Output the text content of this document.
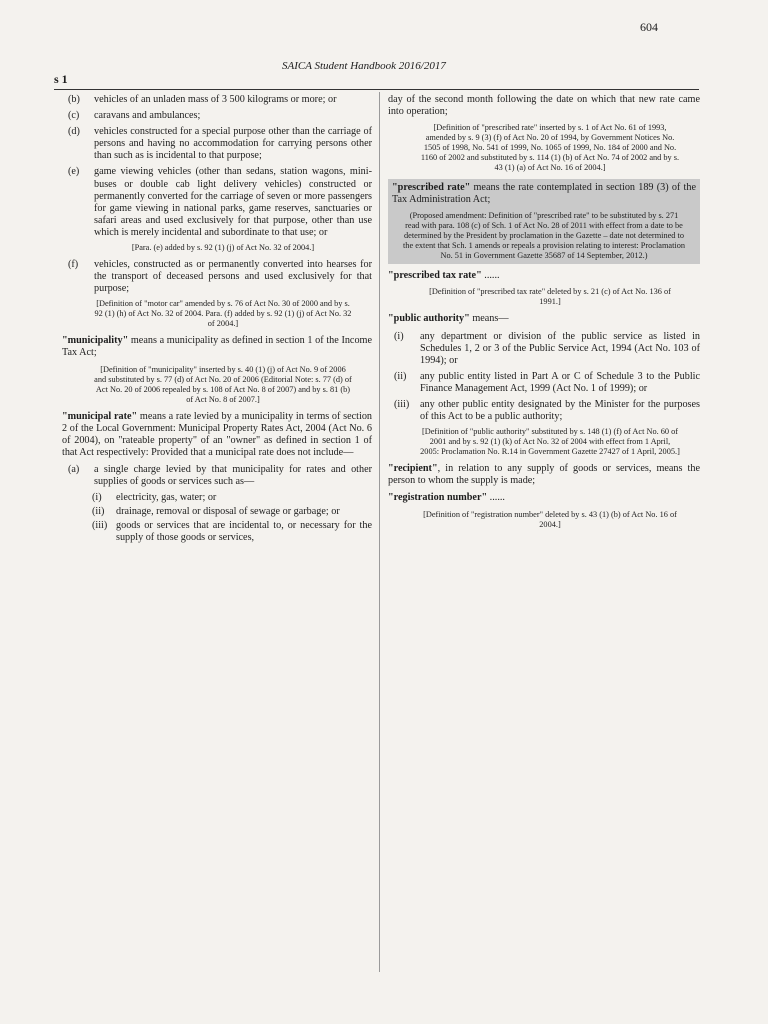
604
SAICA Student Handbook 2016/2017
s 1
(b) vehicles of an unladen mass of 3 500 kilograms or more; or
(c) caravans and ambulances;
(d) vehicles constructed for a special purpose other than the carriage of persons and having no accommodation for carrying persons other than such as is incidental to that purpose;
(e) game viewing vehicles (other than sedans, station wagons, mini-buses or double cab light delivery vehicles) constructed or permanently converted for the carriage of seven or more passengers for game viewing in national parks, game reserves, sanctuaries or safari areas and used exclusively for that purpose, other than use which is merely incidental and subordinate to that use; or
[Para. (e) added by s. 92 (1) (j) of Act No. 32 of 2004.]
(f) vehicles, constructed as or permanently converted into hearses for the transport of deceased persons and used exclusively for that purpose;
[Definition of "motor car" amended by s. 76 of Act No. 30 of 2000 and by s. 92 (1) (h) of Act No. 32 of 2004. Para. (f) added by s. 92 (1) (j) of Act No. 32 of 2004.]

"municipality" means a municipality as defined in section 1 of the Income Tax Act;

[Definition of "municipality" inserted by s. 40 (1) (j) of Act No. 9 of 2006 and substituted by s. 77 (d) of Act No. 20 of 2006 (Editorial Note: s. 77 (d) of Act No. 20 of 2006 repealed by s. 108 of Act No. 8 of 2007) and by s. 81 (b) of Act No. 8 of 2007.]

"municipal rate" means a rate levied by a municipality in terms of section 2 of the Local Government: Municipal Property Rates Act, 2004 (Act No. 6 of 2004), on "rateable property" of an "owner" as defined in section 1 of that Act respectively: Provided that a municipal rate does not include—

(a) a single charge levied by that municipality for rates and other supplies of goods or services such as—
(i) electricity, gas, water; or
(ii) drainage, removal or disposal of sewage or garbage; or
(iii) goods or services that are incidental to, or necessary for the supply of those goods or services,

day of the second month following the date on which that new rate came into operation;

[Definition of "prescribed rate" inserted by s. 1 of Act No. 61 of 1993, amended by s. 9 (3) (f) of Act No. 20 of 1994, by Government Notices No. 1505 of 1998, No. 541 of 1999, No. 1065 of 1999, No. 184 of 2000 and No. 1160 of 2002 and substituted by s. 114 (1) (b) of Act No. 74 of 2002 and by s. 43 (1) (a) of Act No. 16 of 2004.]

"prescribed rate" means the rate contemplated in section 189 (3) of the Tax Administration Act;

(Proposed amendment: Definition of "prescribed rate" to be substituted by s. 271 read with para. 108 (c) of Sch. 1 of Act No. 28 of 2011 with effect from a date to be determined by the President by proclamation in the Gazette – date not determined to the extent that Sch. 1 amends or repeals a provision relating to interest: Proclamation No. 51 in Government Gazette 35687 of 14 September, 2012.)

"prescribed tax rate" ......

[Definition of "prescribed tax rate" deleted by s. 21 (c) of Act No. 136 of 1991.]

"public authority" means—

(i) any department or division of the public service as listed in Schedules 1, 2 or 3 of the Public Service Act, 1994 (Act No. 103 of 1994); or
(ii) any public entity listed in Part A or C of Schedule 3 to the Public Finance Management Act, 1999 (Act No. 1 of 1999); or
(iii) any other public entity designated by the Minister for the purposes of this Act to be a public authority;
[Definition of "public authority" substituted by s. 148 (1) (f) of Act No. 60 of 2001 and by s. 92 (1) (k) of Act No. 32 of 2004 with effect from 1 April, 2005: Proclamation No. R.14 in Government Gazette 27427 of 1 April, 2005.]

"recipient", in relation to any supply of goods or services, means the person to whom the supply is made;

"registration number" ......

[Definition of "registration number" deleted by s. 43 (1) (b) of Act No. 16 of 2004.]
